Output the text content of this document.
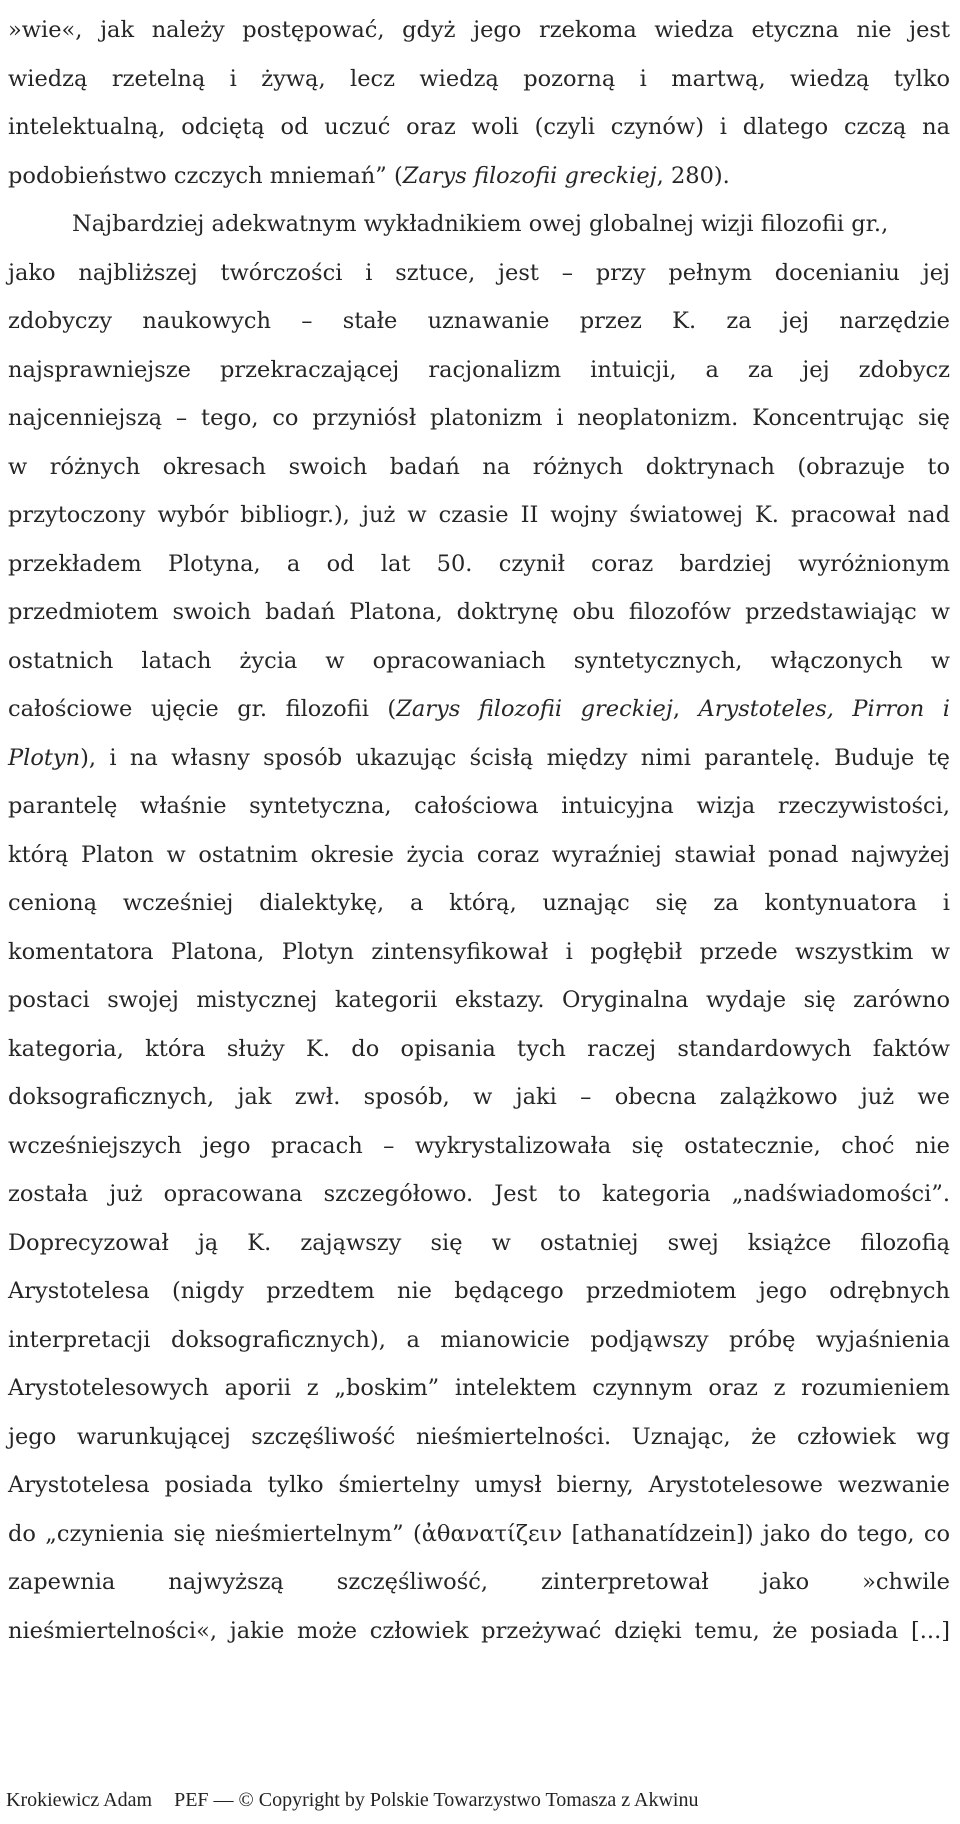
»wie«, jak należy postępować, gdyż jego rzekoma wiedza etyczna nie jest
wiedzą rzetelną i żywą, lecz wiedzą pozorną i martwą, wiedzą tylko
intelektualną, odciętą od uczuć oraz woli (czyli czynów) i dlatego czczą na
podobieństwo czczych mniemań” (Zarys filozofii greckiej, 280).
Najbardziej adekwatnym wykładnikiem owej globalnej wizji filozofii gr.,
jako najbliższej twórczości i sztuce, jest – przy pełnym docenianiu jej
zdobyczy naukowych – stałe uznawanie przez K. za jej narzędzie
najsprawniejsze przekraczającej racjonalizm intuicji, a za jej zdobycz
najcenniejszą – tego, co przyniósł platonizm i neoplatonizm. Koncentrując się
w różnych okresach swoich badań na różnych doktrynach (obrazuje to
przytoczony wybór bibliogr.), już w czasie II wojny światowej K. pracował nad
przekładem Plotyna, a od lat 50. czynił coraz bardziej wyróżnionym
przedmiotem swoich badań Platona, doktrynę obu filozofów przedstawiając w
ostatnich latach życia w opracowaniach syntetycznych, włączonych w
całościowe ujęcie gr. filozofii (Zarys filozofii greckiej, Arystoteles, Pirron i
Plotyn), i na własny sposób ukazując ścisłą między nimi parantelę. Buduje tę
parantelę właśnie syntetyczna, całościowa intuicyjna wizja rzeczywistości,
którą Platon w ostatnim okresie życia coraz wyraźniej stawiał ponad najwyżej
cenioną wcześniej dialektykę, a którą, uznając się za kontynuatora i
komentatora Platona, Plotyn zintensyfikował i pogłębił przede wszystkim w
postaci swojej mistycznej kategorii ekstazy. Oryginalna wydaje się zarówno
kategoria, która służy K. do opisania tych raczej standardowych faktów
doksograficznych, jak zwł. sposób, w jaki – obecna zalążkowo już we
wcześniejszych jego pracach – wykrystalizowała się ostatecznie, choć nie
została już opracowana szczegółowo. Jest to kategoria „nadświadomości”.
Doprecyzował ją K. zająwszy się w ostatniej swej książce filozofią
Arystotelesa (nigdy przedtem nie będącego przedmiotem jego odrębnych
interpretacji doksograficznych), a mianowicie podjąwszy próbę wyjaśnienia
Arystotelesowych aporii z „boskim” intelektem czynnym oraz z rozumieniem
jego warunkującej szczęśliwość nieśmiertelności. Uznając, że człowiek wg
Arystotelesa posiada tylko śmiertelny umysł bierny, Arystotelesowe wezwanie
do „czynienia się nieśmiertelnym” (ἀθανατίζειν [athanatídzein]) jako do tego, co
zapewnia najwyższą szczęśliwość, zinterpretował jako »chwile
nieśmiertelności«, jakie może człowiek przeżywać dzięki temu, że posiada [...]
Krokiewicz Adam PEF — © Copyright by Polskie Towarzystwo Tomasza z Akwinu
